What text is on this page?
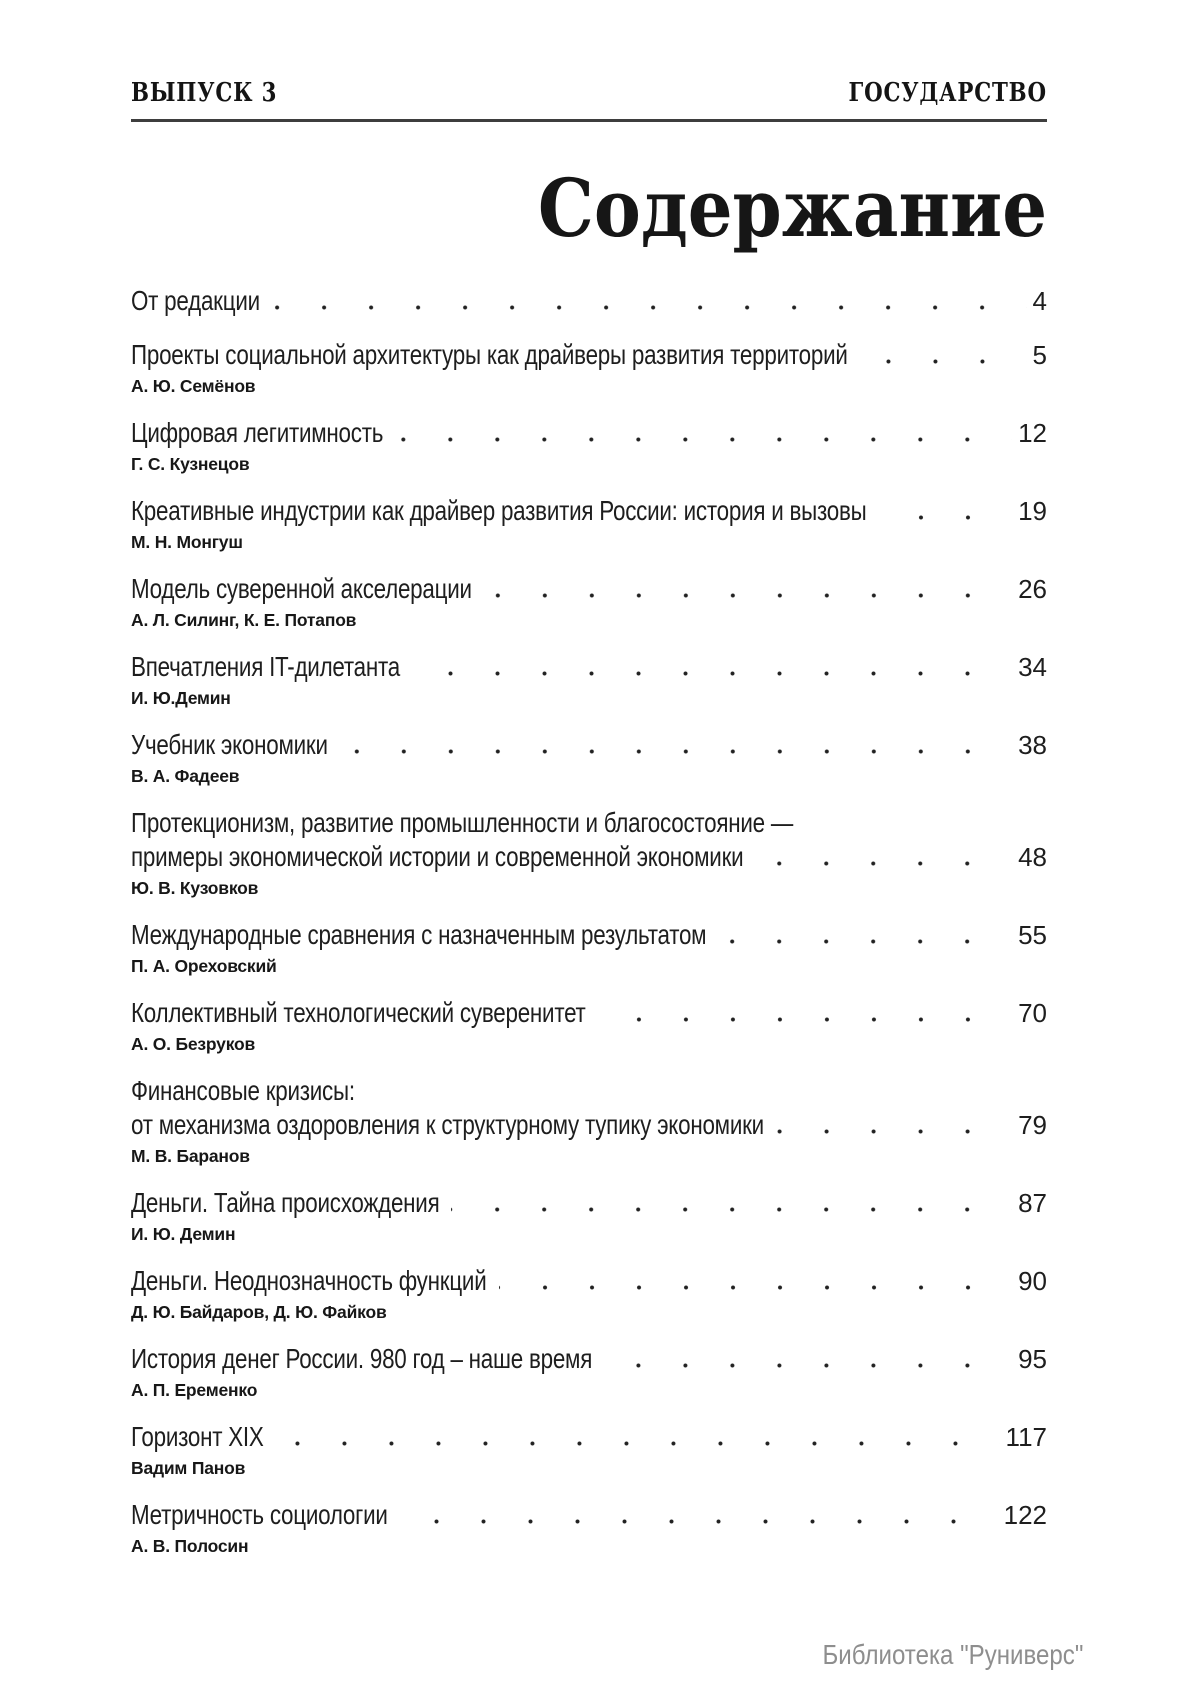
ВЫПУСК 3	ГОСУДАРСТВО
Содержание
От редакции	4
Проекты социальной архитектуры как драйверы развития территорий	5
А. Ю. Семёнов
Цифровая легитимность	12
Г. С. Кузнецов
Креативные индустрии как драйвер развития России: история и вызовы	19
М. Н. Монгуш
Модель суверенной акселерации	26
А. Л. Силинг, К. Е. Потапов
Впечатления IT-дилетанта	34
И. Ю.Демин
Учебник экономики	38
В. А. Фадеев
Протекционизм, развитие промышленности и благосостояние —
примеры экономической истории и современной экономики	48
Ю. В. Кузовков
Международные сравнения с назначенным результатом	55
П. А. Ореховский
Коллективный технологический суверенитет	70
А. О. Безруков
Финансовые кризисы:
от механизма оздоровления к структурному тупику экономики	79
М. В. Баранов
Деньги. Тайна происхождения	87
И. Ю. Демин
Деньги. Неоднозначность функций	90
Д. Ю. Байдаров, Д. Ю. Файков
История денег России. 980 год – наше время	95
А. П. Еременко
Горизонт XIX	117
Вадим Панов
Метричность социологии	122
А. В. Полосин
Библиотека "Руниверс"
